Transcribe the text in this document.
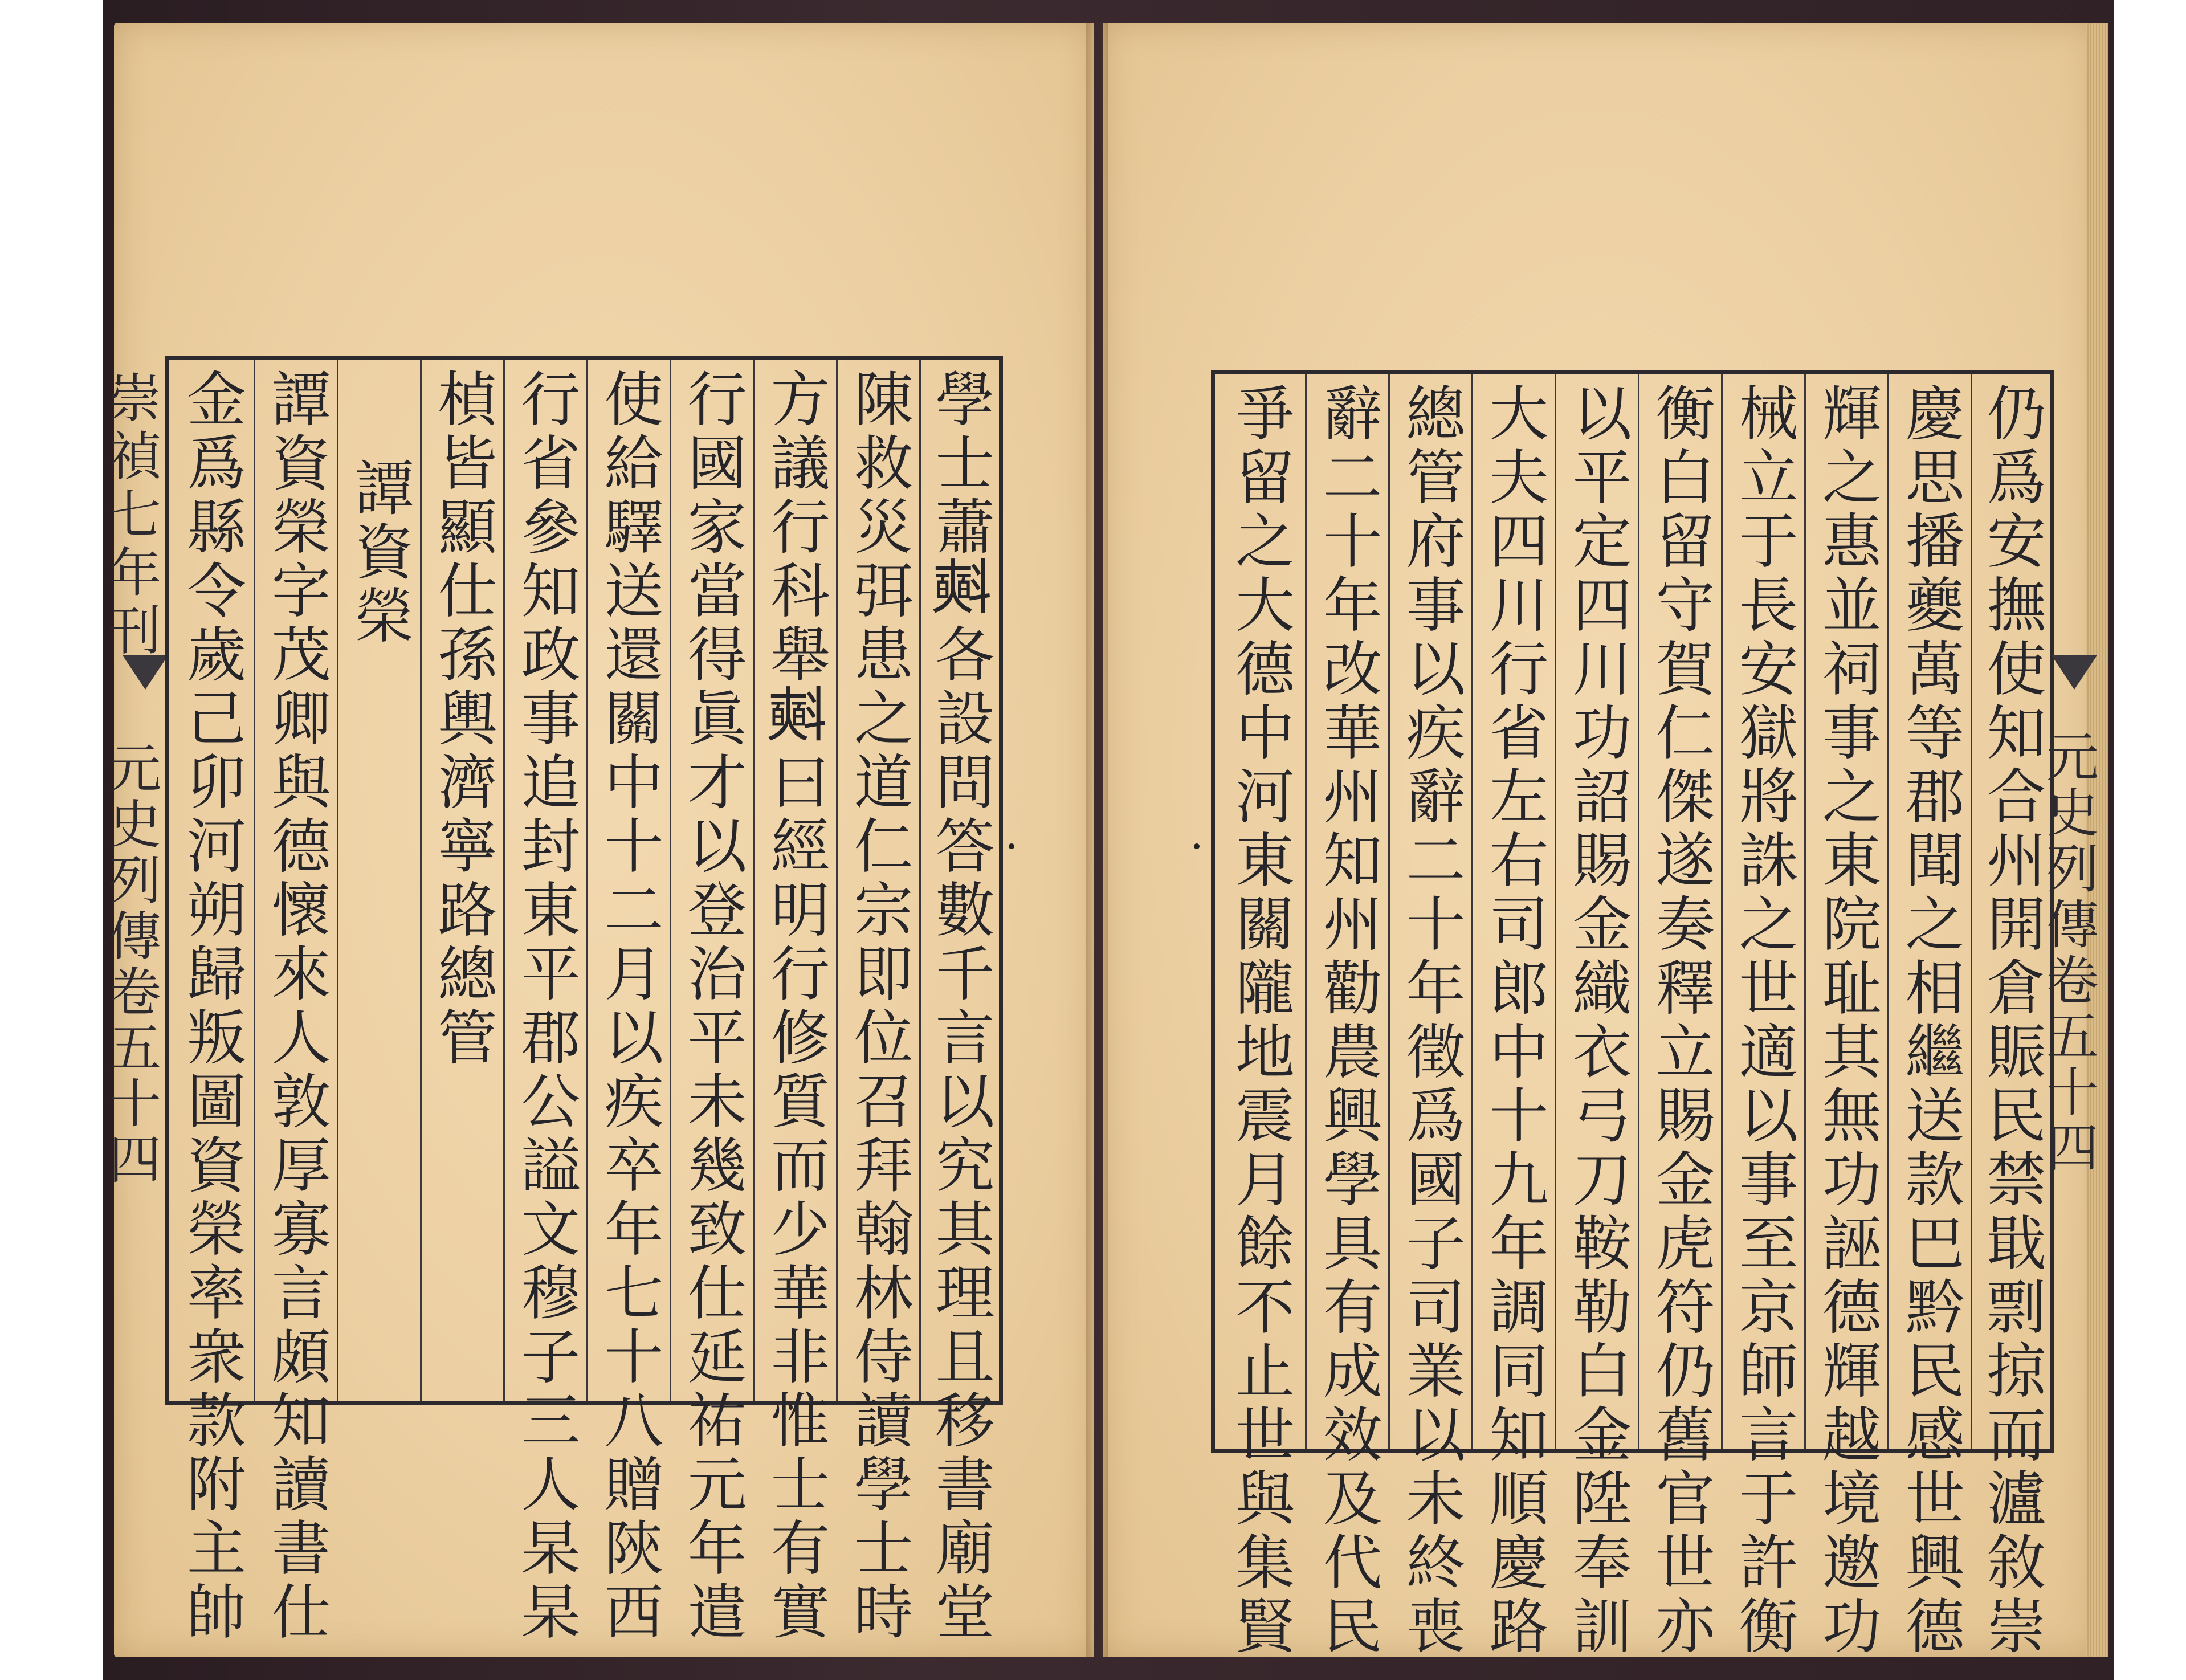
崇禎七年刊
元史列傳卷五十四	學士蕭𣂏各設問答數千言以究其理且移書廟堂
陳救災弭患之道仁宗即位召拜翰林侍讀學士時
方議行科舉𣂏曰經明行修質而少華非惟士有實
行國家當得眞才以登治平未幾致仕延祐元年遣
使給驛送還關中十二月以疾卒年七十八贈陝西
行省參知政事追封東平郡公謚文穆子三人杲杲
楨皆顯仕孫輿濟寧路總管
譚資榮
譚資榮字茂卿與德懷來人敦厚寡言頗知讀書仕
金爲縣令歲己卯河朔歸叛圖資榮率衆款附主帥	仍爲安撫使知合州開倉賑民禁戢剽掠而瀘敘崇
慶思播夔萬等郡聞之相繼送款巴黔民感世興德
輝之惠並祠事之東院耻其無功誣德輝越境邀功
械立于長安獄將誅之世適以事至京師言于許衡
衡白留守賀仁傑遂奏釋立賜金虎符仍舊官世亦
以平定四川功詔賜金織衣弓刀鞍勒白金陞奉訓
大夫四川行省左右司郎中十九年調同知順慶路
總管府事以疾辭二十年徵爲國子司業以未終喪
辭二十年改華州知州勸農興學具有成效及代民
爭留之大德中河東關隴地震月餘不止世與集賢	元史列傳卷五十四
